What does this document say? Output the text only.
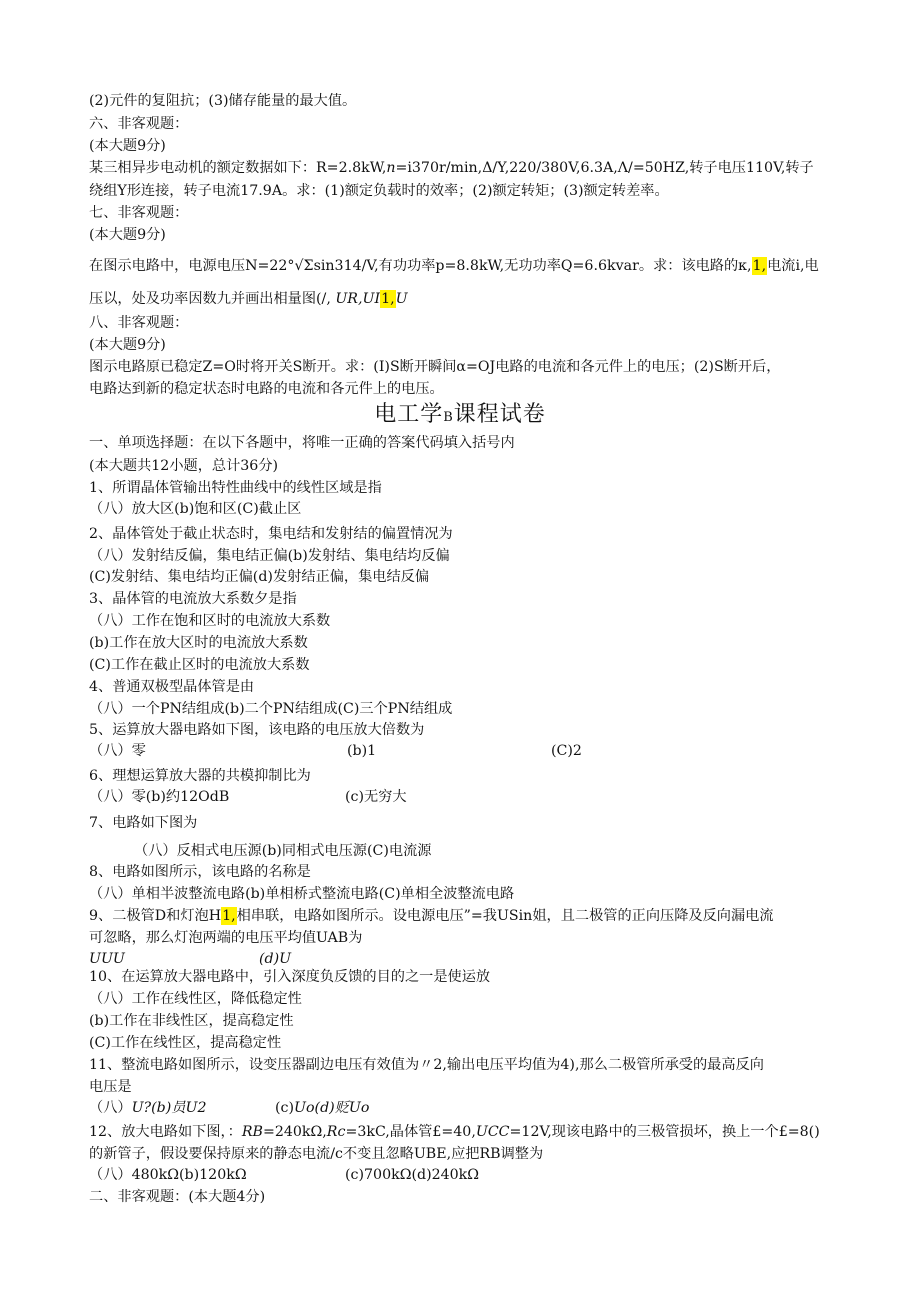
(2)元件的复阻抗；(3)储存能量的最大值。
六、非客观题：
(本大题9分)
某三相异步电动机的额定数据如下：R=2.8kW,n=i370r/min,Δ/Y,220/380V,6.3A,Λ/=50HZ,转子电压110V,转子
绕组Y形连接，转子电流17.9A。求：(1)额定负载时的效率；(2)额定转矩；(3)额定转差率。
七、非客观题：
(本大题9分)
在图示电路中，电源电压N=22°√Σsin314∕V,有功功率p=8.8kW,无功功率Q=6.6kvar。求：该电路的κ,1,电流i,电
压以，处及功率因数九并画出相量图(/, UR,UI1,U
八、非客观题：
(本大题9分)
图示电路原已稳定Z=O时将开关S断开。求：(I)S断开瞬间α=OJ电路的电流和各元件上的电压；(2)S断开后，
电路达到新的稳定状态时电路的电流和各元件上的电压。
电工学B课程试卷
一、单项选择题：在以下各题中，将唯一正确的答案代码填入括号内
(本大题共12小题，总计36分)
1、所谓晶体管输出特性曲线中的线性区域是指
（八）放大区(b)饱和区(C)截止区
2、晶体管处于截止状态时，集电结和发射结的偏置情况为
（八）发射结反偏，集电结正偏(b)发射结、集电结均反偏
(C)发射结、集电结均正偏(d)发射结正偏，集电结反偏
3、晶体管的电流放大系数夕是指
（八）工作在饱和区时的电流放大系数
(b)工作在放大区时的电流放大系数
(C)工作在截止区时的电流放大系数
4、普通双极型晶体管是由
（八）一个PN结组成(b)二个PN结组成(C)三个PN结组成
5、运算放大器电路如下图，该电路的电压放大倍数为
（八）零	(b)1	(C)2
6、理想运算放大器的共模抑制比为
（八）零(b)约12OdB	(c)无穷大
7、电路如下图为
（八）反相式电压源(b)同相式电压源(C)电流源
8、电路如图所示，该电路的名称是
（八）单相半波整流电路(b)单相桥式整流电路(C)单相全波整流电路
9、二极管D和灯泡H1,相串联，电路如图所示。设电源电压”=我USin姐，且二极管的正向压降及反向漏电流
可忽略，那么灯泡两端的电压平均值UAB为
UUU	(d)U
10、在运算放大器电路中，引入深度负反馈的目的之一是使运放
（八）工作在线性区，降低稳定性
(b)工作在非线性区，提高稳定性
(C)工作在线性区，提高稳定性
11、整流电路如图所示，设变压器副边电压有效值为〃2,输出电压平均值为4),那么二极管所承受的最高反向
电压是
（八）U?(b)员U2	(c)Uo(d)贬Uo
12、放大电路如下图，：RB=240kΩ,Rc=3kC,晶体管£=40,UCC=12V,现该电路中的三极管损坏，换上一个£=8()
的新管子，假设要保持原来的静态电流/c不变且忽略UBE,应把RB调整为
（八）480kΩ(b)120kΩ	(c)700kΩ(d)240kΩ
二、非客观题：(本大题4分)
